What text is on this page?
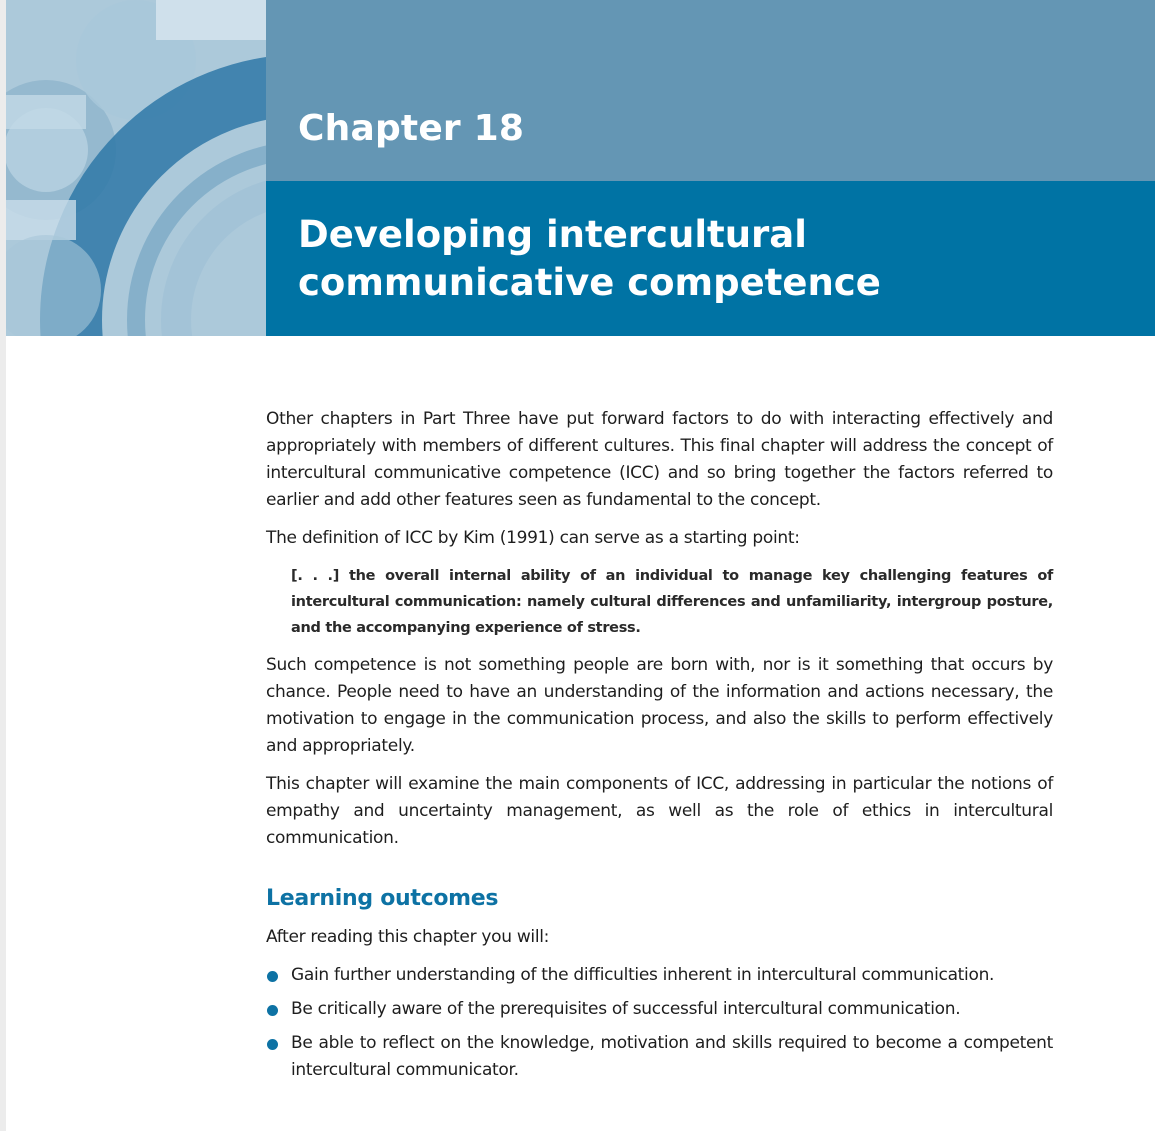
Chapter 18
Developing intercultural communicative competence

Other chapters in Part Three have put forward factors to do with interacting effectively and appropriately with members of different cultures. This final chapter will address the concept of intercultural communicative competence (ICC) and so bring together the factors referred to earlier and add other features seen as fundamental to the concept.

The definition of ICC by Kim (1991) can serve as a starting point:

[. . .] the overall internal ability of an individual to manage key challenging features of intercultural communication: namely cultural differences and unfamiliarity, intergroup posture, and the accompanying experience of stress.

Such competence is not something people are born with, nor is it something that occurs by chance. People need to have an understanding of the information and actions necessary, the motivation to engage in the communication process, and also the skills to perform effectively and appropriately.

This chapter will examine the main components of ICC, addressing in particular the notions of empathy and uncertainty management, as well as the role of ethics in intercultural communication.

Learning outcomes

After reading this chapter you will:

Gain further understanding of the difficulties inherent in intercultural communication.
Be critically aware of the prerequisites of successful intercultural communication.
Be able to reflect on the knowledge, motivation and skills required to become a competent intercultural communicator.
